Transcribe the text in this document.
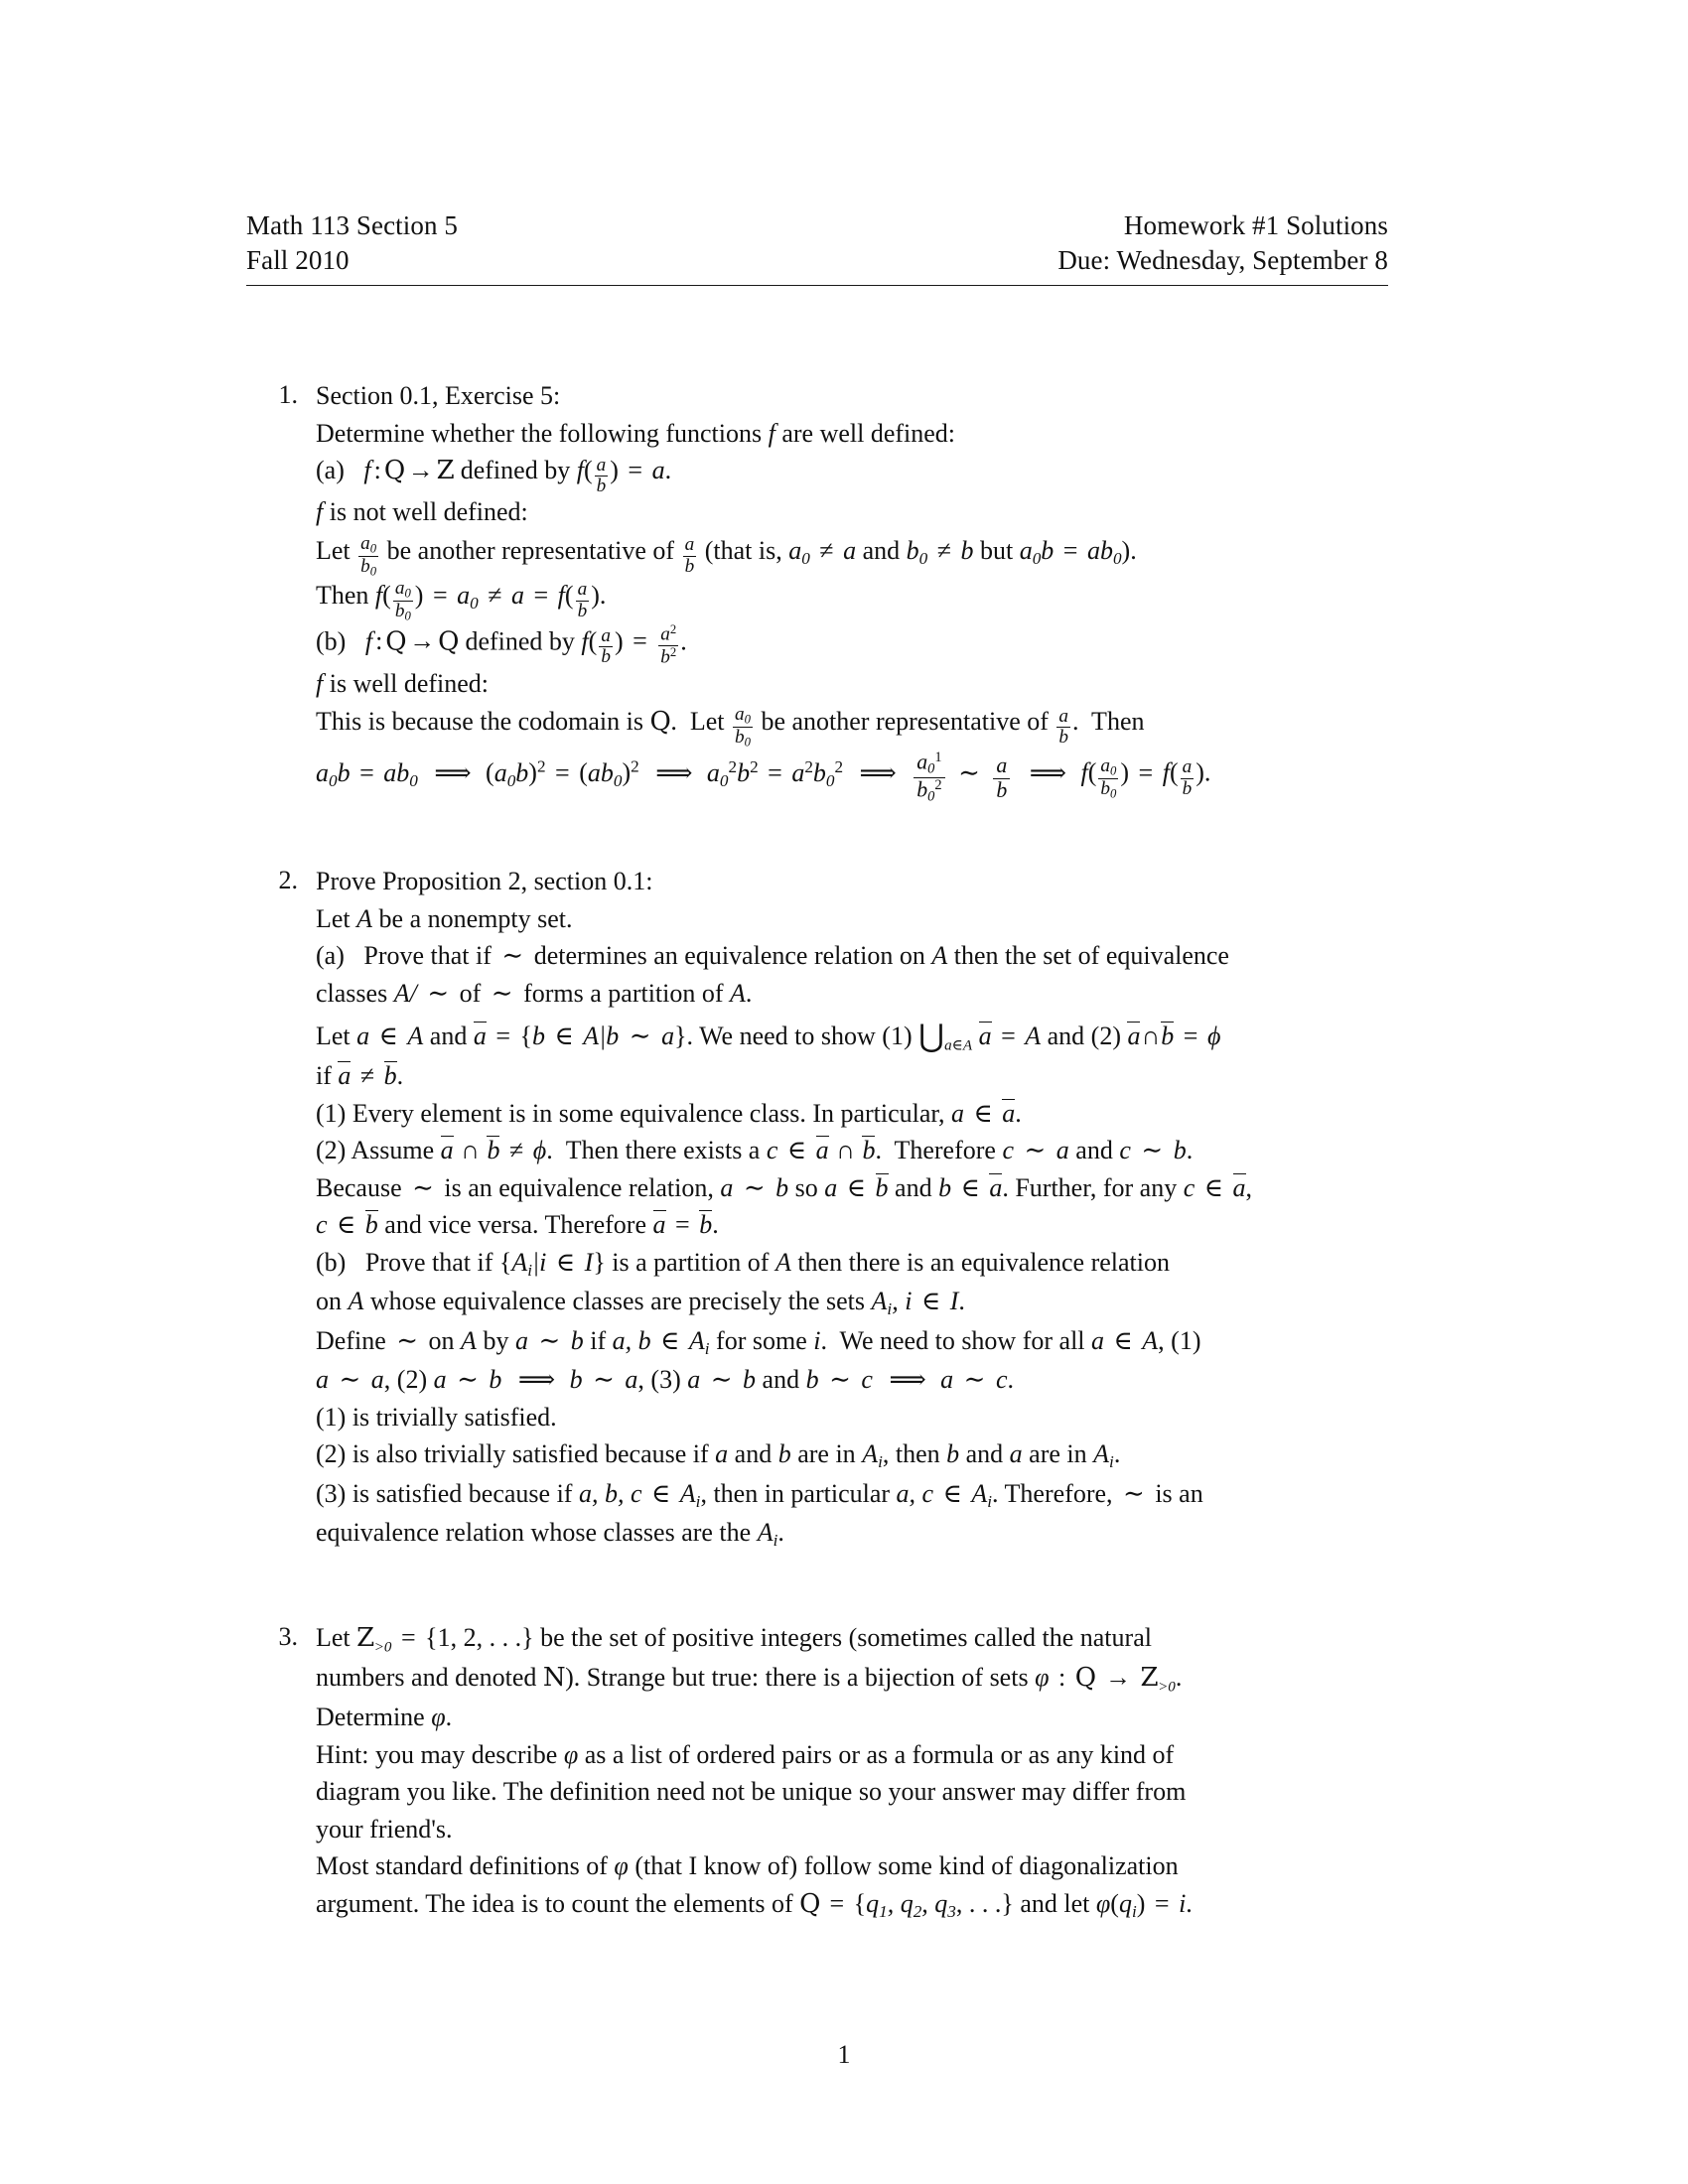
Math 113 Section 5
Fall 2010
Homework #1 Solutions
Due: Wednesday, September 8
1. Section 0.1, Exercise 5:

Determine whether the following functions f are well defined:

(a) f : Q → Z defined by $f( \frac{a}{b}$ ) = a.

f is not well defined:

Let $\frac{a_0}{b_0}$ be another representative of $\frac{a}{b}$ (that is, $a_0 \ne a$ and $b_0 \ne b$ but $a_0b = ab_0$).

Then $f( \frac{a_0}{b_0}$ ) = $a_0 \ne a = f( \frac{a}{b}$ ).

(b) f : Q → Q defined by $f( \frac{a}{b}$ ) = $\frac{a^2}{b^2}$ .

f is well defined:

This is because the codomain is Q.  Let $\frac{a_0}{b_0}$ be another representative of $\frac{a}{b}$ .  Then

$a_0b = ab_0$ ⟹ $(a_0b)^2 = (ab_0)^2$ ⟹ $a_0^2b^2 = a^2b_0^2$ ⟹ $\frac{a_0^1}{b_0^2}$ ∼ $\frac{a}{b}$ ⟹ $f( \frac{a_0}{b_0}$ ) = $f( \frac{a}{b}$ ).

2. Prove Proposition 2, section 0.1:

Let A be a nonempty set.

(a)   Prove that if ∼ determines an equivalence relation on A then the set of equivalence

classes A/ ∼ of ∼ forms a partition of A.

Let a ∈ A and a = {b ∈ A|b ∼ a}. We need to show (1) $⋃_{a\in A}$ a = A and (2) a∩b = ϕ

if a ≠ b.

(1) Every element is in some equivalence class. In particular, a ∈ a.

(2) Assume a ∩ b ≠ ϕ.  Then there exists a c ∈ a ∩ b.  Therefore c ∼ a and c ∼ b.

Because ∼ is an equivalence relation, a ∼ b so a ∈ b and b ∈ a. Further, for any c ∈ a,

c ∈ b and vice versa. Therefore a = b.

(b)   Prove that if {$A_i|i$ ∈ I} is a partition of A then there is an equivalence relation

on A whose equivalence classes are precisely the sets $A_i$, i ∈ I.

Define ∼ on A by a ∼ b if a, b ∈ $A_i$ for some i.  We need to show for all a ∈ A, (1)

a ∼ a, (2) a ∼ b ⟹ b ∼ a, (3) a ∼ b and b ∼ c ⟹ a ∼ c.

(1) is trivially satisfied.

(2) is also trivially satisfied because if a and b are in $A_i$, then b and a are in $A_i$.

(3) is satisfied because if a, b, c ∈ $A_i$, then in particular a, c ∈ $A_i$. Therefore, ∼ is an

equivalence relation whose classes are the $A_i$.

3. Let $Z_{>0} = \{1$, 2, . . .} be the set of positive integers (sometimes called the natural

numbers and denoted N). Strange but true: there is a bijection of sets φ : $Q \to Z_{>0}$.

Determine φ.

Hint: you may describe φ as a list of ordered pairs or as a formula or as any kind of

diagram you like. The definition need not be unique so your answer may differ from

your friend's.

Most standard definitions of φ (that I know of) follow some kind of diagonalization

argument. The idea is to count the elements of $Q = \{q_1$, $q_2$, $q_3$, . . .} and let $\varphi(q_i) = i$.

1
